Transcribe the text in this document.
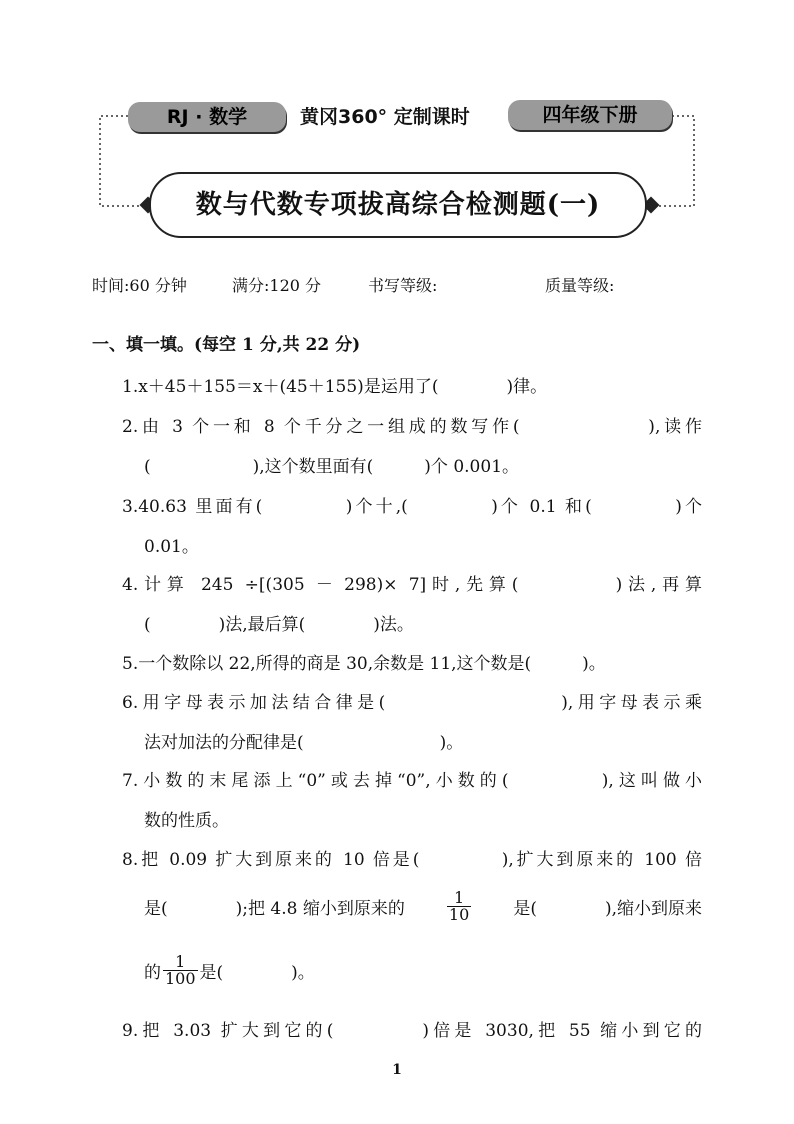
RJ · 数学	黄冈360° 定制课时	四年级下册
数与代数专项拔高综合检测题(一)
时间:60 分钟	满分:120 分	书写等级:	质量等级:
一、填一填。(每空 1 分,共 22 分)
1.x＋45＋155＝x＋(45＋155)是运用了(　　　　)律。
2.由 3 个一和 8 个千分之一组成的数写作(　　　　　　),读作
(　　　　　　),这个数里面有(　　　)个 0.001。
3.40.63 里面有(　　　　)个十,(　　　　)个 0.1 和(　　　　)个
0.01。
4.计算 245 ÷[(305 － 298)× 7]时,先算(　　　　)法,再算
(　　　　)法,最后算(　　　　)法。
5.一个数除以 22,所得的商是 30,余数是 11,这个数是(　　　)。
6.用字母表示加法结合律是(　　　　　　　　),用字母表示乘
法对加法的分配律是(　　　　　　　　)。
7.小数的末尾添上“0”或去掉“0”,小数的(　　　　),这叫做小
数的性质。
8.把 0.09 扩大到原来的 10 倍是(　　　　),扩大到原来的 100 倍
是(　　　　);把 4.8 缩小到原来的	$\frac{1}{10}$ 是(　　　　),缩小到原来
的 $\frac{1}{100}$ 是(　　　　)。
9.把 3.03 扩大到它的(　　　　)倍是 3030,把 55 缩小到它的
1
